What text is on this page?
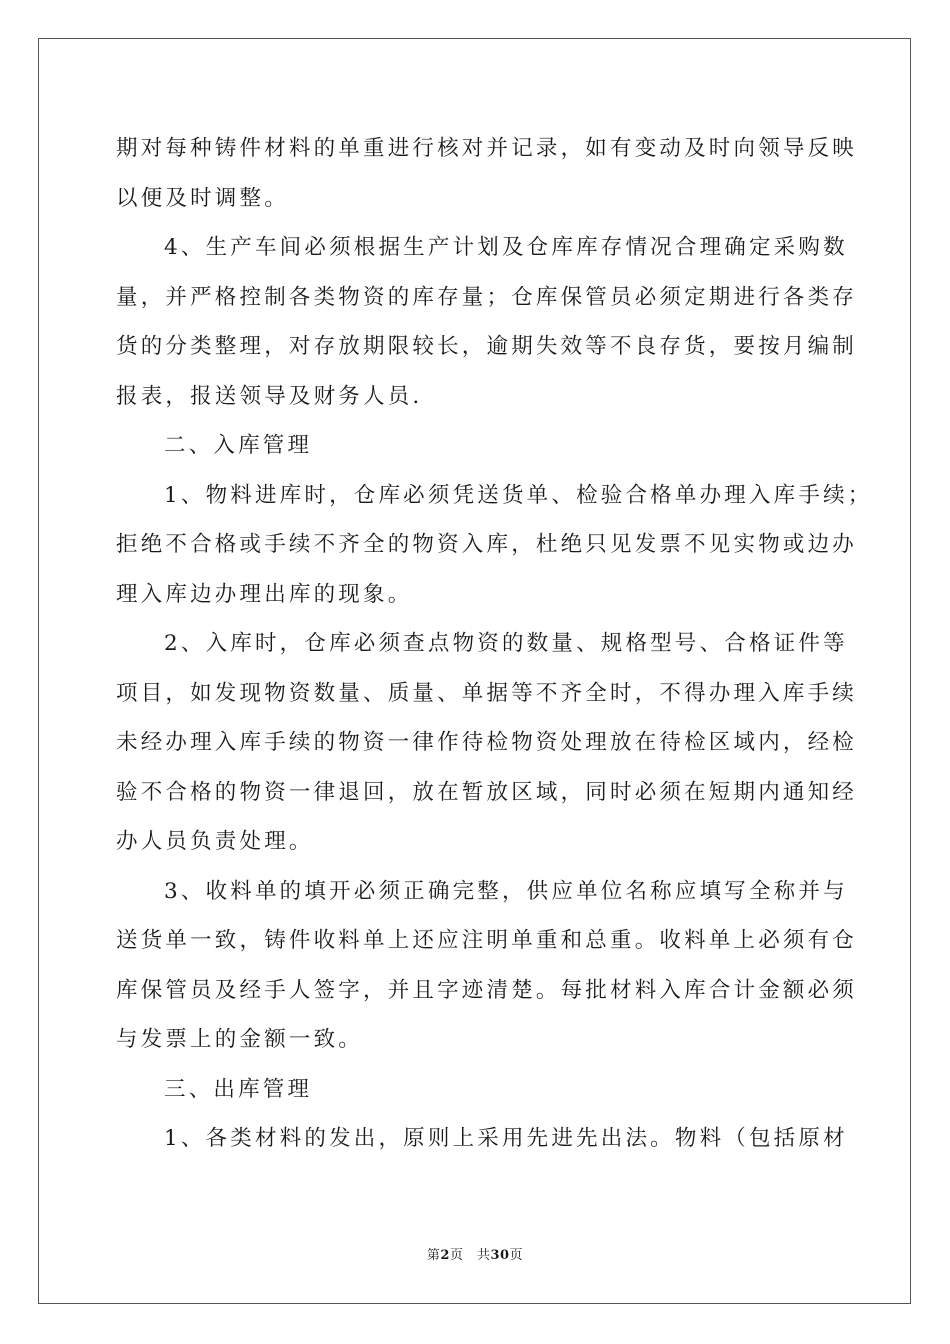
期对每种铸件材料的单重进行核对并记录，如有变动及时向领导反映
以便及时调整。
4、生产车间必须根据生产计划及仓库库存情况合理确定采购数
量，并严格控制各类物资的库存量；仓库保管员必须定期进行各类存
货的分类整理，对存放期限较长，逾期失效等不良存货，要按月编制
报表，报送领导及财务人员.
二、入库管理
1、物料进库时，仓库必须凭送货单、检验合格单办理入库手续；
拒绝不合格或手续不齐全的物资入库，杜绝只见发票不见实物或边办
理入库边办理出库的现象。
2、入库时，仓库必须查点物资的数量、规格型号、合格证件等
项目，如发现物资数量、质量、单据等不齐全时，不得办理入库手续
未经办理入库手续的物资一律作待检物资处理放在待检区域内，经检
验不合格的物资一律退回，放在暂放区域，同时必须在短期内通知经
办人员负责处理。
3、收料单的填开必须正确完整，供应单位名称应填写全称并与
送货单一致，铸件收料单上还应注明单重和总重。收料单上必须有仓
库保管员及经手人签字，并且字迹清楚。每批材料入库合计金额必须
与发票上的金额一致。
三、出库管理
1、各类材料的发出，原则上采用先进先出法。物料（包括原材
第2页　共30页
